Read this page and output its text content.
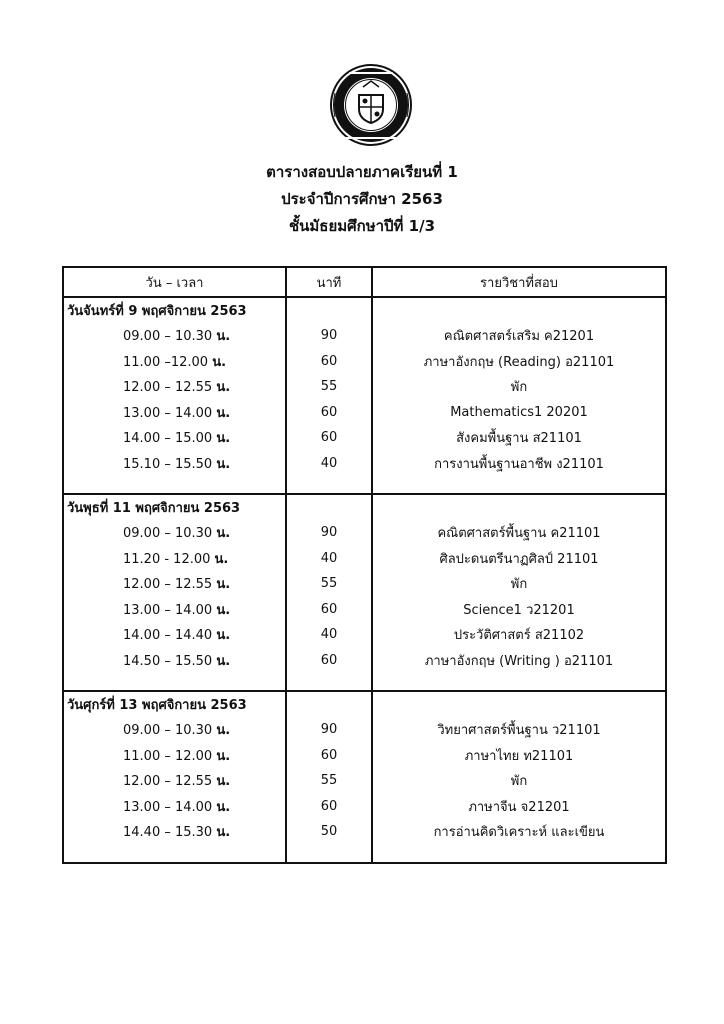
ตารางสอบปลายภาคเรียนที่ 1
ประจำปีการศึกษา 2563
ชั้นมัธยมศึกษาปีที่ 1/3
วัน – เวลา	นาที	รายวิชาที่สอบ
วันจันทร์ที่ 9 พฤศจิกายน 2563		
09.00 – 10.30 น.	90	คณิตศาสตร์เสริม ค21201
11.00 –12.00 น.	60	ภาษาอังกฤษ (Reading) อ21101
12.00 – 12.55 น.	55	พัก
13.00 – 14.00 น.	60	Mathematics1 20201
14.00 – 15.00 น.	60	สังคมพื้นฐาน ส21101
15.10 – 15.50 น.	40	การงานพื้นฐานอาชีพ ง21101

วันพุธที่ 11 พฤศจิกายน 2563		
09.00 – 10.30 น.	90	คณิตศาสตร์พื้นฐาน ค21101
11.20 - 12.00 น.	40	ศิลปะดนตรีนาฏศิลป์ 21101
12.00 – 12.55 น.	55	พัก
13.00 – 14.00 น.	60	Science1 ว21201
14.00 – 14.40 น.	40	ประวัติศาสตร์ ส21102
14.50 – 15.50 น.	60	ภาษาอังกฤษ (Writing ) อ21101

วันศุกร์ที่ 13 พฤศจิกายน 2563		
09.00 – 10.30 น.	90	วิทยาศาสตร์พื้นฐาน ว21101
11.00 – 12.00 น.	60	ภาษาไทย ท21101
12.00 – 12.55 น.	55	พัก
13.00 – 14.00 น.	60	ภาษาจีน จ21201
14.40 – 15.30 น.	50	การอ่านคิดวิเคราะห์ และเขียน
